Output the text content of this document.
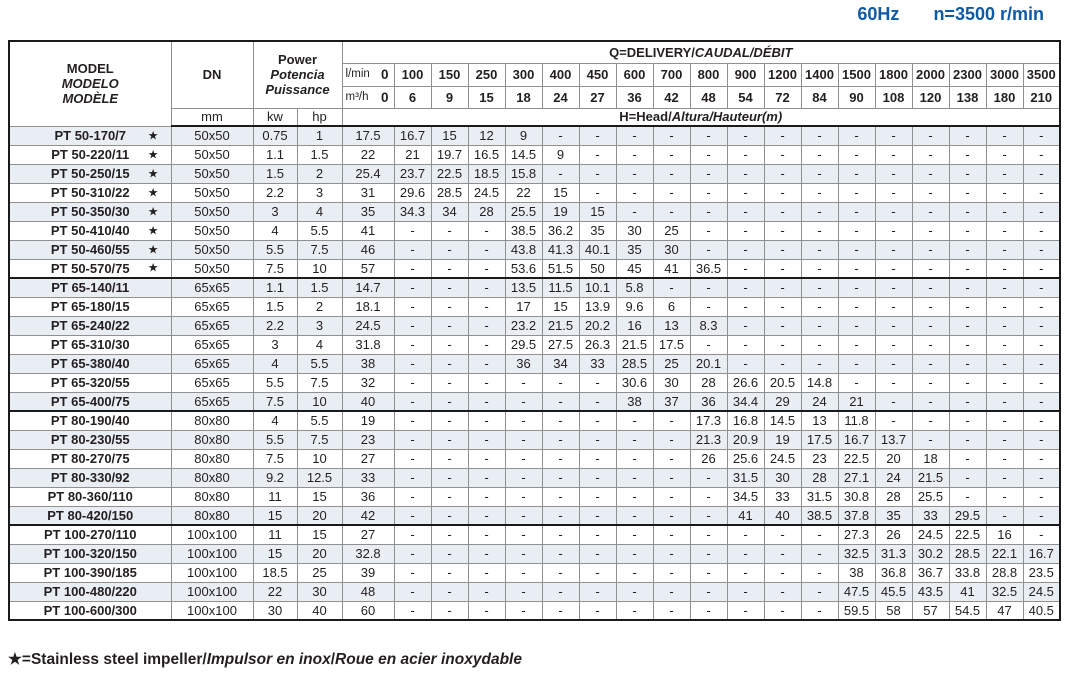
60Hz n=3500 r/min
MODEL
MODELO
MODÈLE	DN	Power
Potencia
Puissance		Q=DELIVERY/CAUDAL/DÉBIT																		

				l/min 0	100	150	250	300	400	450	600	700	800	900	1200	1400	1500	1800	2000	2300	3000	3500

				m³/h 0	6	9	15	18	24	27	36	42	48	54	72	84	90	108	120	138	180	210
	mm	kw	hp	H=Head/Altura/Hauteur(m)																		
PT 50-170/7 ★	50x50	0.75	1	17.5	16.7	15	12	9	-	-	-	-	-	-	-	-	-	-	-	-	-	-
PT 50-220/11 ★	50x50	1.1	1.5	22	21	19.7	16.5	14.5	9	-	-	-	-	-	-	-	-	-	-	-	-	-
PT 50-250/15 ★	50x50	1.5	2	25.4	23.7	22.5	18.5	15.8	-	-	-	-	-	-	-	-	-	-	-	-	-	-
PT 50-310/22 ★	50x50	2.2	3	31	29.6	28.5	24.5	22	15	-	-	-	-	-	-	-	-	-	-	-	-	-
PT 50-350/30 ★	50x50	3	4	35	34.3	34	28	25.5	19	15	-	-	-	-	-	-	-	-	-	-	-	-
PT 50-410/40 ★	50x50	4	5.5	41	-	-	-	38.5	36.2	35	30	25	-	-	-	-	-	-	-	-	-	-
PT 50-460/55 ★	50x50	5.5	7.5	46	-	-	-	43.8	41.3	40.1	35	30	-	-	-	-	-	-	-	-	-	-
PT 50-570/75 ★	50x50	7.5	10	57	-	-	-	53.6	51.5	50	45	41	36.5	-	-	-	-	-	-	-	-	-
PT 65-140/11	65x65	1.1	1.5	14.7	-	-	-	13.5	11.5	10.1	5.8	-	-	-	-	-	-	-	-	-	-	-
PT 65-180/15	65x65	1.5	2	18.1	-	-	-	17	15	13.9	9.6	6	-	-	-	-	-	-	-	-	-	-
PT 65-240/22	65x65	2.2	3	24.5	-	-	-	23.2	21.5	20.2	16	13	8.3	-	-	-	-	-	-	-	-	-
PT 65-310/30	65x65	3	4	31.8	-	-	-	29.5	27.5	26.3	21.5	17.5	-	-	-	-	-	-	-	-	-	-
PT 65-380/40	65x65	4	5.5	38	-	-	-	36	34	33	28.5	25	20.1	-	-	-	-	-	-	-	-	-
PT 65-320/55	65x65	5.5	7.5	32	-	-	-	-	-	-	30.6	30	28	26.6	20.5	14.8	-	-	-	-	-	-
PT 65-400/75	65x65	7.5	10	40	-	-	-	-	-	-	38	37	36	34.4	29	24	21	-	-	-	-	-
PT 80-190/40	80x80	4	5.5	19	-	-	-	-	-	-	-	-	17.3	16.8	14.5	13	11.8	-	-	-	-	-
PT 80-230/55	80x80	5.5	7.5	23	-	-	-	-	-	-	-	-	21.3	20.9	19	17.5	16.7	13.7	-	-	-	-
PT 80-270/75	80x80	7.5	10	27	-	-	-	-	-	-	-	-	26	25.6	24.5	23	22.5	20	18	-	-	-
PT 80-330/92	80x80	9.2	12.5	33	-	-	-	-	-	-	-	-	-	31.5	30	28	27.1	24	21.5	-	-	-
PT 80-360/110	80x80	11	15	36	-	-	-	-	-	-	-	-	-	34.5	33	31.5	30.8	28	25.5	-	-	-
PT 80-420/150	80x80	15	20	42	-	-	-	-	-	-	-	-	-	41	40	38.5	37.8	35	33	29.5	-	-
PT 100-270/110	100x100	11	15	27	-	-	-	-	-	-	-	-	-	-	-	-	27.3	26	24.5	22.5	16	-
PT 100-320/150	100x100	15	20	32.8	-	-	-	-	-	-	-	-	-	-	-	-	32.5	31.3	30.2	28.5	22.1	16.7
PT 100-390/185	100x100	18.5	25	39	-	-	-	-	-	-	-	-	-	-	-	-	38	36.8	36.7	33.8	28.8	23.5
PT 100-480/220	100x100	22	30	48	-	-	-	-	-	-	-	-	-	-	-	-	47.5	45.5	43.5	41	32.5	24.5
PT 100-600/300	100x100	30	40	60	-	-	-	-	-	-	-	-	-	-	-	-	59.5	58	57	54.5	47	40.5
★=Stainless steel impeller/Impulsor en inox/Roue en acier inoxydable
